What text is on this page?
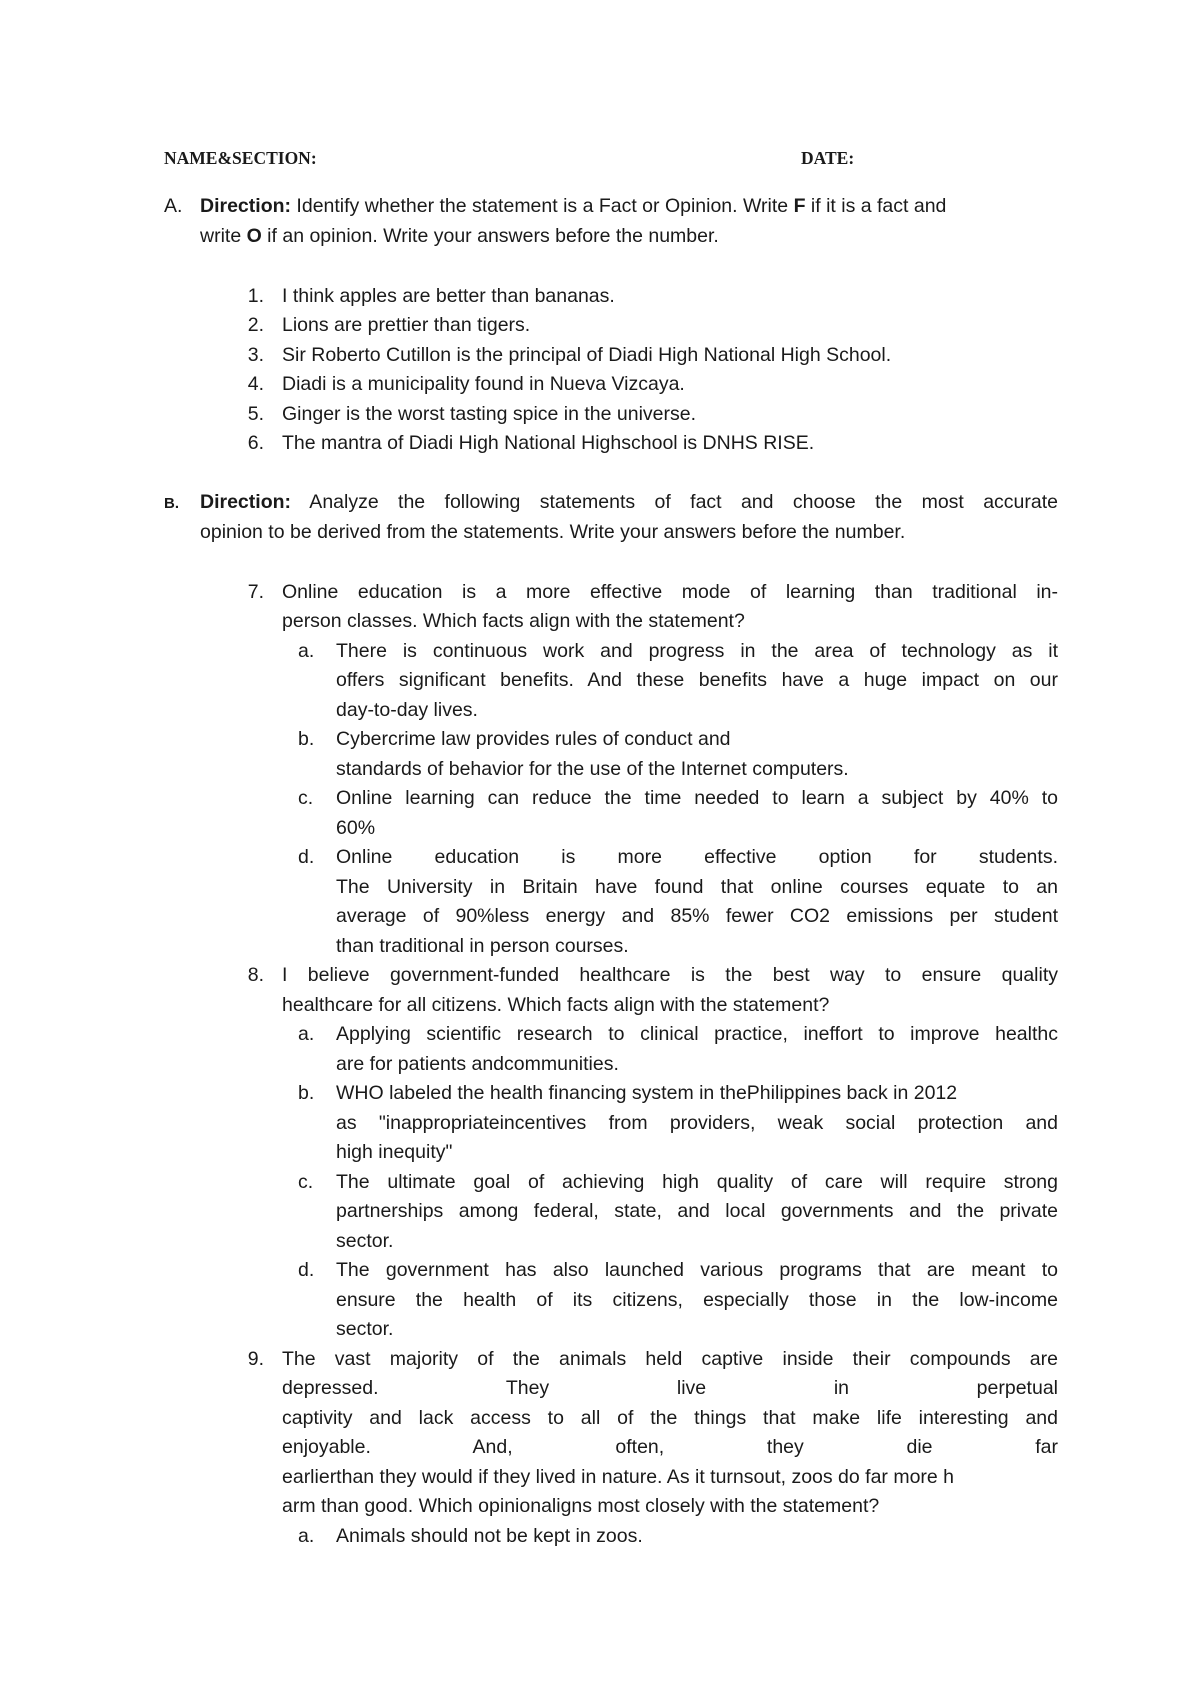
NAME&SECTION:	DATE:
A. Direction: Identify whether the statement is a Fact or Opinion. Write F if it is a fact and
write O if an opinion. Write your answers before the number.
1. I think apples are better than bananas.
2. Lions are prettier than tigers.
3. Sir Roberto Cutillon is the principal of Diadi High National High School.
4. Diadi is a municipality found in Nueva Vizcaya.
5. Ginger is the worst tasting spice in the universe.
6. The mantra of Diadi High National Highschool is DNHS RISE.
B. Direction: Analyze the following statements of fact and choose the most accurate
opinion to be derived from the statements. Write your answers before the number.
7. Online education is a more effective mode of learning than traditional in-
person classes. Which facts align with the statement?
a. There is continuous work and progress in the area of technology as it
offers significant benefits. And these benefits have a huge impact on our
day-to-day lives.
b. Cybercrime law provides rules of conduct and
standards of behavior for the use of the Internet computers.
c. Online learning can reduce the time needed to learn a subject by 40% to
60%
d. Online education is more effective option for students.
The University in Britain have found that online courses equate to an
average of 90%less energy and 85% fewer CO2 emissions per student
than traditional in person courses.
8. I believe government-funded healthcare is the best way to ensure quality
healthcare for all citizens. Which facts align with the statement?
a. Applying scientific research to clinical practice, ineffort to improve healthc
are for patients andcommunities.
b. WHO labeled the health financing system in thePhilippines back in 2012
as "inappropriateincentives from providers, weak social protection and
high inequity"
c. The ultimate goal of achieving high quality of care will require strong
partnerships among federal, state, and local governments and the private
sector.
d. The government has also launched various programs that are meant to
ensure the health of its citizens, especially those in the low-income
sector.
9. The vast majority of the animals held captive inside their compounds are
depressed. They live in perpetual
captivity and lack access to all of the things that make life interesting and
enjoyable. And, often, they die far
earlierthan they would if they lived in nature. As it turnsout, zoos do far more h
arm than good. Which opinionaligns most closely with the statement?
a. Animals should not be kept in zoos.
